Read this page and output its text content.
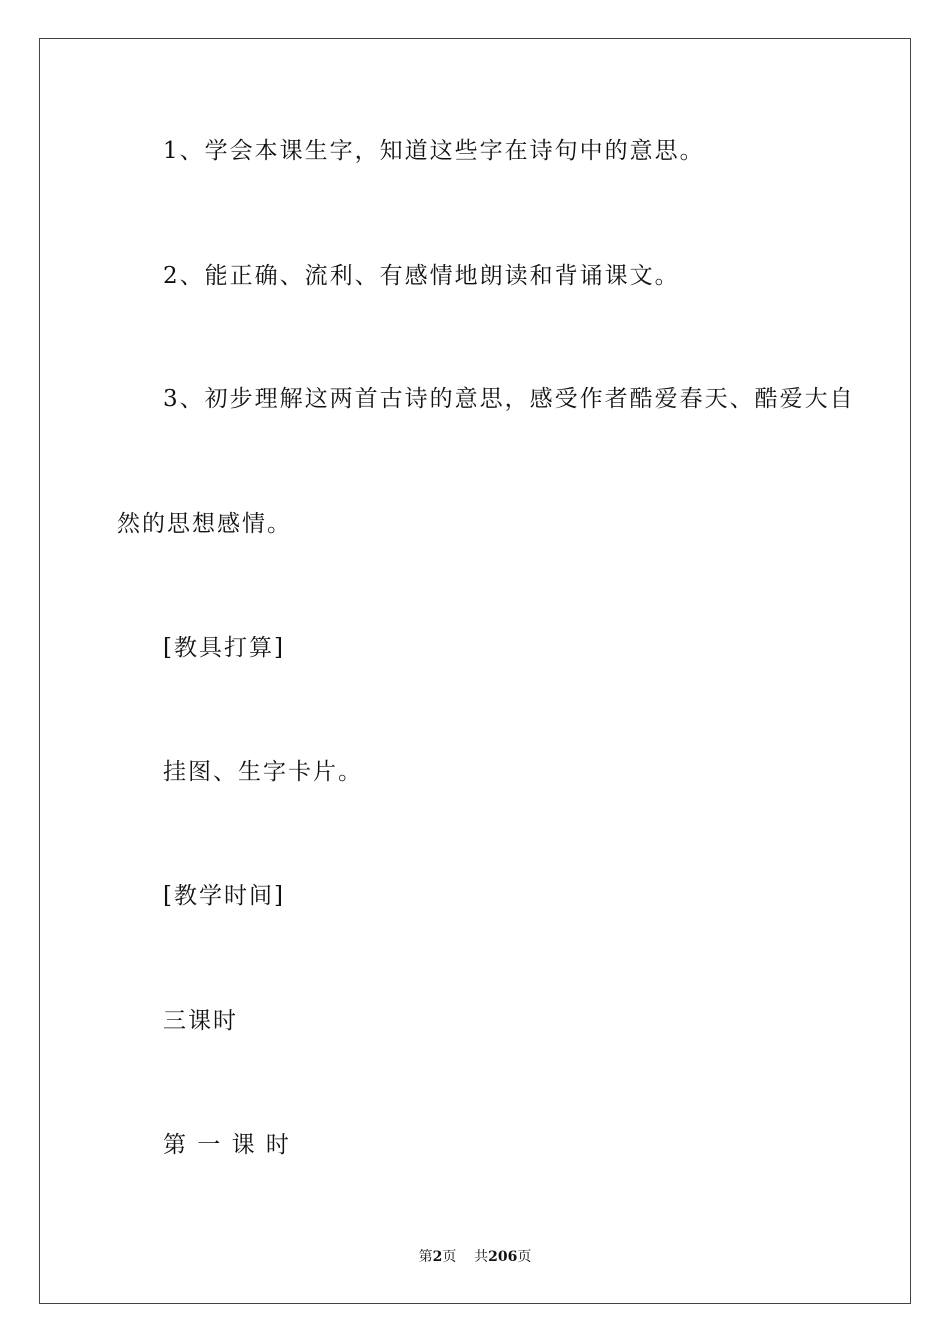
1、学会本课生字，知道这些字在诗句中的意思。
2、能正确、流利、有感情地朗读和背诵课文。
3、初步理解这两首古诗的意思，感受作者酷爱春天、酷爱大自
然的思想感情。
[教具打算]
挂图、生字卡片。
[教学时间]
三课时
第 一 课 时
第2页 共206页
